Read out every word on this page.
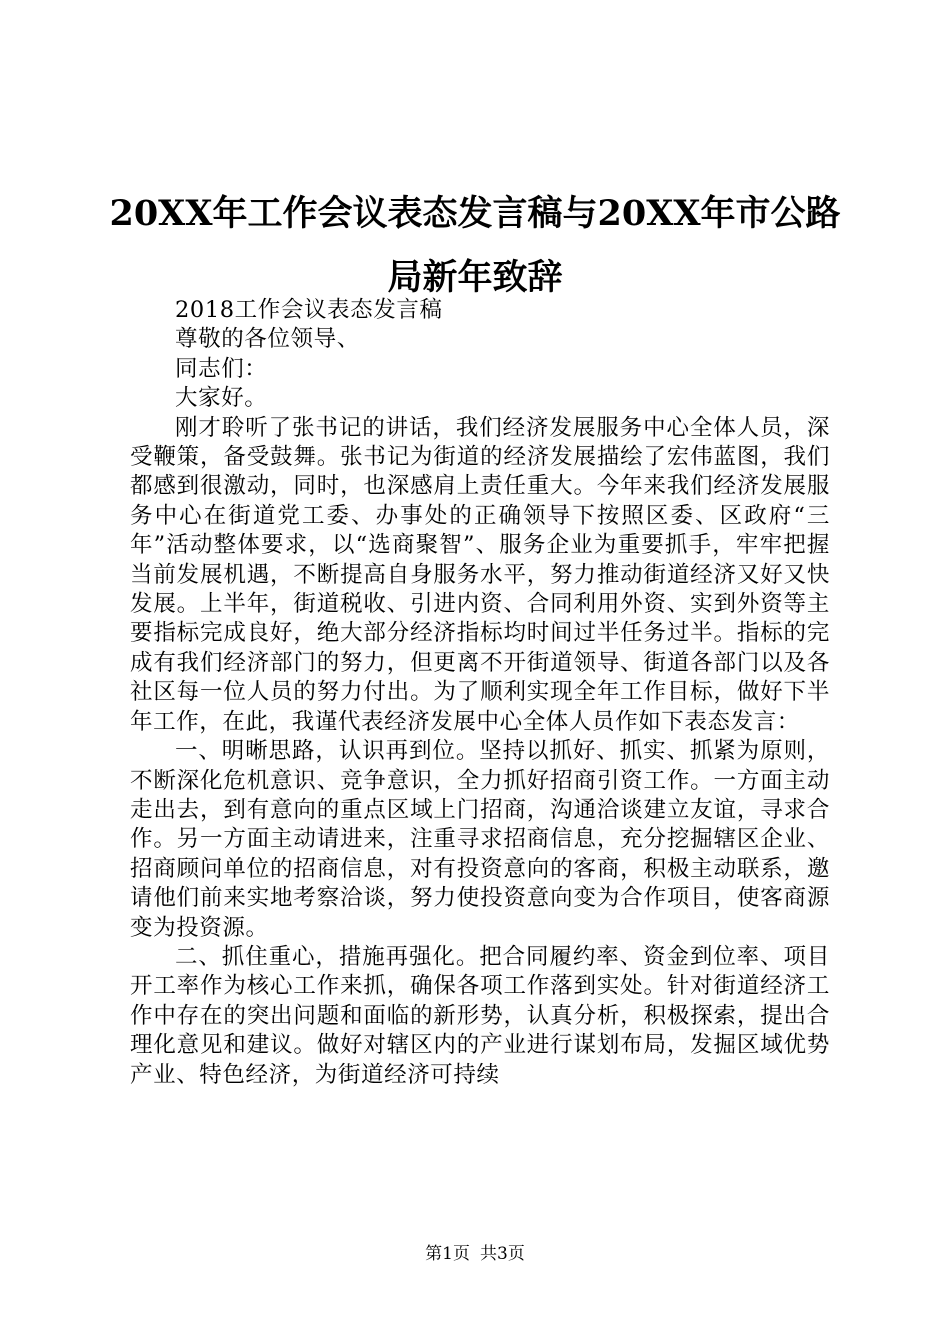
20XX年工作会议表态发言稿与20XX年市公路
局新年致辞

2018工作会议表态发言稿

尊敬的各位领导、

同志们：

大家好。

刚才聆听了张书记的讲话，我们经济发展服务中心全体人员，深受鞭策，备受鼓舞。张书记为街道的经济发展描绘了宏伟蓝图，我们都感到很激动，同时，也深感肩上责任重大。今年来我们经济发展服务中心在街道党工委、办事处的正确领导下按照区委、区政府“三年”活动整体要求，以“选商聚智”、服务企业为重要抓手，牢牢把握当前发展机遇，不断提高自身服务水平，努力推动街道经济又好又快发展。上半年，街道税收、引进内资、合同利用外资、实到外资等主要指标完成良好，绝大部分经济指标均时间过半任务过半。指标的完成有我们经济部门的努力，但更离不开街道领导、街道各部门以及各社区每一位人员的努力付出。为了顺利实现全年工作目标，做好下半年工作，在此，我谨代表经济发展中心全体人员作如下表态发言：

一、明晰思路，认识再到位。坚持以抓好、抓实、抓紧为原则，不断深化危机意识、竞争意识，全力抓好招商引资工作。一方面主动走出去，到有意向的重点区域上门招商，沟通洽谈建立友谊，寻求合作。另一方面主动请进来，注重寻求招商信息，充分挖掘辖区企业、招商顾问单位的招商信息，对有投资意向的客商，积极主动联系，邀请他们前来实地考察洽谈，努力使投资意向变为合作项目，使客商源变为投资源。

二、抓住重心，措施再强化。把合同履约率、资金到位率、项目开工率作为核心工作来抓，确保各项工作落到实处。针对街道经济工作中存在的突出问题和面临的新形势，认真分析，积极探索，提出合理化意见和建议。做好对辖区内的产业进行谋划布局，发掘区域优势产业、特色经济，为街道经济可持续

第1页 共3页
